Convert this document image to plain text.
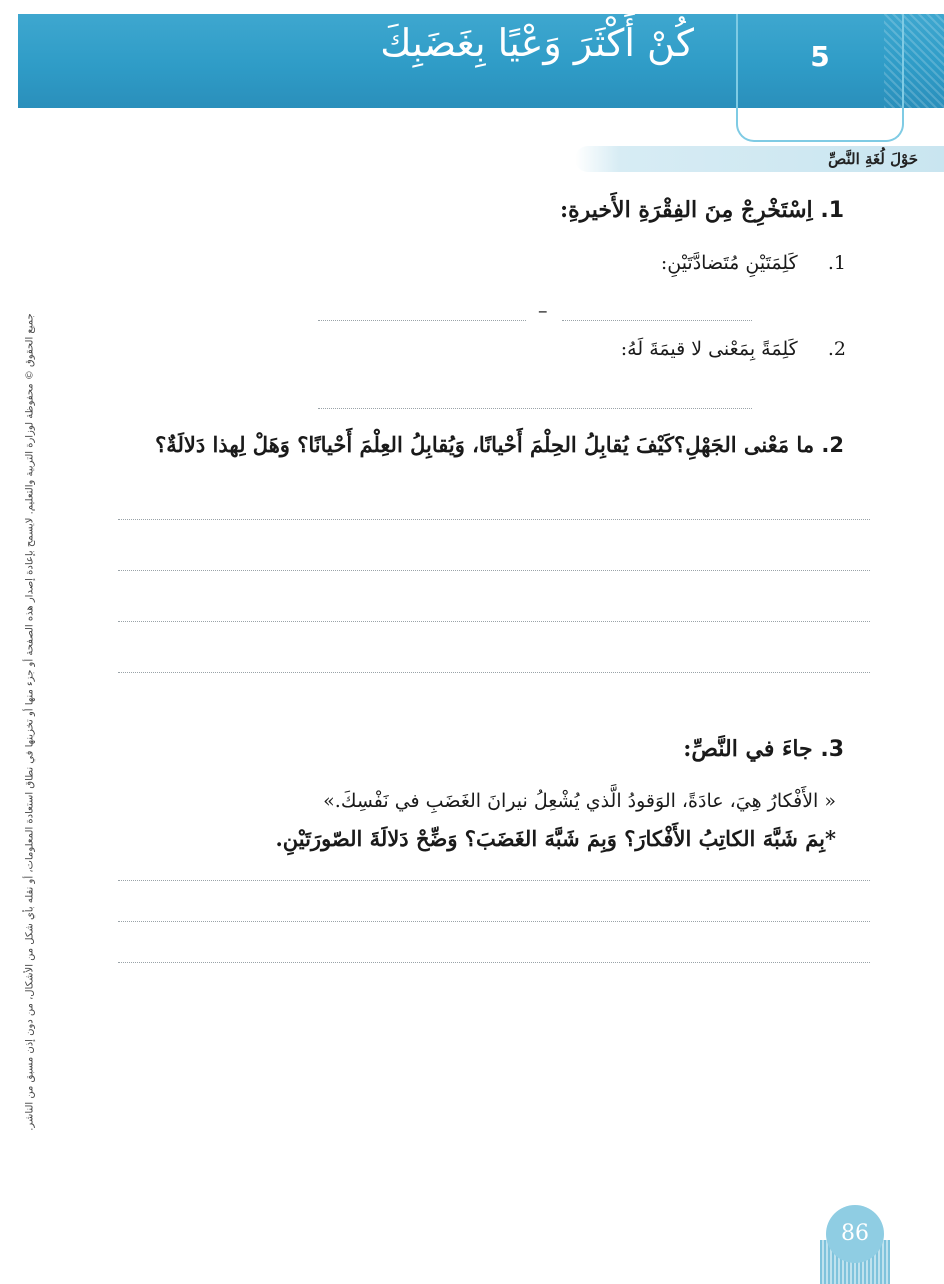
5
كُنْ أَكْثَرَ وَعْيًا بِغَضَبِكَ
حَوْلَ لُغَةِ النَّصِّ
1. اِسْتَخْرِجْ مِنَ الفِقْرَةِ الأَخيرةِ:
1.     كَلِمَتَيْنِ مُتَضادَّتَيْنِ:
–
2.     كَلِمَةً بِمَعْنى لا قيمَةَ لَهُ:
2. ما مَعْنى الجَهْلِ؟كَيْفَ يُقابِلُ الحِلْمَ أَحْيانًا، وَيُقابِلُ العِلْمَ أَحْيانًا؟ وَهَلْ لِهذا دَلالَةٌ؟
3. جاءَ في النَّصِّ:
« الأَفْكارُ هِيَ، عادَةً، الوَقودُ الَّذي يُشْعِلُ نيرانَ الغَضَبِ في نَفْسِكَ.»
*بِمَ شَبَّهَ الكاتِبُ الأَفْكارَ؟ وَبِمَ شَبَّهَ الغَضَبَ؟ وَضِّحْ دَلالَةَ الصّورَتَيْنِ.
جميع الحقوق © محفوظة لوزارة التربية والتعليم. لايسمح بإعادة إصدار هذه الصفحة أو جزء منها أو تخزينها في نطاق استعادة المعلومات، أو نقله بأي شكل من الأشكال، من دون إذن مسبق من الناشر.
86
